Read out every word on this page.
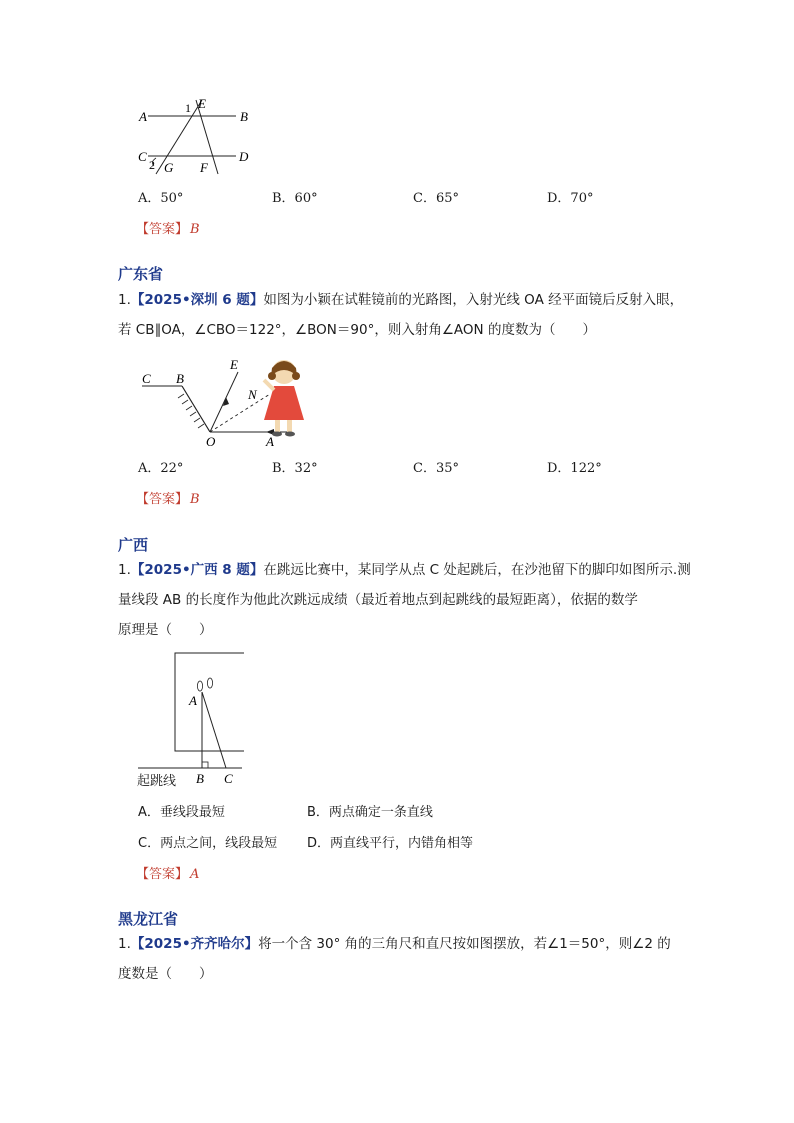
A	B
C	D
E
F
G
1
2
A．50°	B．60°	C．65°	D．70°
【答案】 B
广东省
1.【2025•深圳 6 题】如图为小颖在试鞋镜前的光路图，入射光线 OA 经平面镜后反射入眼，
若 CB∥OA，∠CBO＝122°，∠BON＝90°，则入射角∠AON 的度数为（　　）
C B
E
N
O	A
A．22°	B．32°	C．35°	D．122°
【答案】 B
广西
1.【2025•广西 8 题】在跳远比赛中，某同学从点 C 处起跳后，在沙池留下的脚印如图所示.测
量线段 AB 的长度作为他此次跳远成绩（最近着地点到起跳线的最短距离），依据的数学
原理是（　　）
A
B C
起跳线
A．垂线段最短	B．两点确定一条直线
C．两点之间，线段最短 D．两直线平行，内错角相等
【答案】 A
黑龙江省
1.【2025•齐齐哈尔】将一个含 30° 角的三角尺和直尺按如图摆放，若∠1＝50°，则∠2 的
度数是（　　）
